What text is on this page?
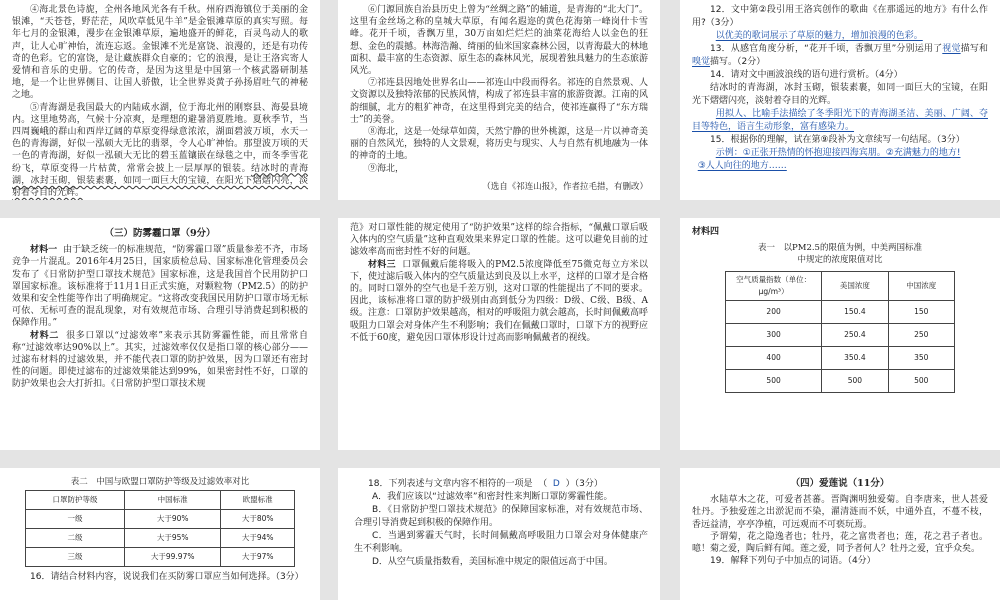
④海北景色诗旎，全州各地风光各有千秋。州府西海镇位于美丽的金银滩，“天苍苍，野茫茫，风吹草低见牛羊”是金银滩草原的真实写照。每年七月的金银滩，漫步在金银滩草原，遍地盛开的鲜花，百灵鸟动人的歌声，让人心旷神怡，流连忘返。金银滩不光是富饶、浪漫的，还是有功传奇的色彩。它的富饶，是让藏族群众自豪的；它的浪漫，是让王洛宾寄人爱情和音乐的史册。它的传奇，是因为这里是中国第一个核武器研制基地，是一个让世界侧目、让国人骄傲，让全世界炎黄子孙扬眉吐气的神秘之地。

⑤青海湖是我国最大的内陆咸水湖，位于海北州的刚察县、海晏县境内。这里地势高，气候十分凉爽，是理想的避暑消夏胜地。夏秋季节，当四周巍峨的群山和西岸辽阔的草原变得绿意浓浓，湖面碧波万顷，水天一色的青海湖，好似一泓硕大无比的翡翠，令人心旷神怡。那望波万顷的天一色的青海湖，好似一泓硕大无比的碧玉蓝镶嵌在绿毯之中，而冬季雪花纷飞，草原变得一片枯黄，常常会披上一层厚厚的银装。结冰时的青海湖，冰封玉砌，银装素裹，如同一面巨大的宝镜，在阳光下熠熠闪亮，淡射着夺目的光辉。

⑥门源回族自治县历史上曾为“丝绸之路”的辅道，是青海的“北大门”。这里有金丝场之称的皇城大草原，有闻名遐迩的黄色花海第一峰岗什卡雪峰。花开千顷，香飘万里，30万亩如烂烂烂的油菜花海给人以金色的狂想、金色的震撼。林海浩瀚、绮丽的仙米国家森林公园，以青海最大的林地面积、最丰富的生态资源、原生态的森林风光，展现着独具魅力的生态旅游风光。

⑦祁连县因地处世界名山——祁连山中段而得名。祁连的自然景观、人文资源以及独特浓郁的民族风情，构成了祁连县丰富的旅游资源。江南的风韵细腻，北方的粗犷神奇，在这里得到完美的结合，使祁连赢得了“东方瑞士”的美誉。

⑧海北，这是一处绿草如茵，天然宁静的世外桃源，这是一片以神奇美丽的自然风光，独特的人文景观，将历史与现实、人与自然有机地融为一体的神奇的土地。

⑨海北，

（选自《祁连山报》，作者拉毛措，有删改）

12．文中第②段引用王洛宾创作的歌曲《在那遥远的地方》有什么作用?（3分）

以优美的歌词展示了草原的魅力，增加浪漫的色彩。

13．从感官角度分析，“花开千顷，香飘万里”分别运用了视觉描写和嗅觉描写。（2分）

14．请对文中画波浪线的语句进行赏析。（4分）

结冰时的青海湖，冰封玉砌，银装素裹，如同一面巨大的宝镜，在阳光下熠熠闪亮，淡射着夺目的光辉。

用拟人、比喻手法描绘了冬季阳光下的青海湖圣洁、美丽、广阔、夺目等特色，语言生动形象，富有感染力。

15．根据你的理解，试在第⑨段补为文章续写一句结尾。（3分）

示例：①正张开热情的怀抱迎接四海宾朋。②充满魅力的地方!
③人人向往的地方……

（三）防雾霾口罩（9分）

材料一 由于缺乏统一的标准规范，“防雾霾口罩”质量参差不齐，市场竞争一片混乱。2016年4月25日，国家质检总局、国家标准化管理委员会发布了《日常防护型口罩技术规范》国家标准，这是我国首个民用防护口罩国家标准。该标准将于11月1日正式实施，对颗粒物（PM2.5）的防护效果和安全性能等作出了明确规定。“这将改变我国民用防护口罩市场无标可依、无标可查的混乱现象，对有效规范市场、合理引导消费起到积极的保障作用。”

材料二 很多口罩以“过滤效率”来表示其防雾霾性能，而且常常自称“过滤效率达90%以上”。其实，过滤效率仅仅是指口罩的核心部分——过滤布材料的过滤效果，并不能代表口罩的防护效果，因为口罩还有密封性的问题。即使过滤布的过滤效果能达到99%，如果密封性不好，口罩的防护效果也会大打折扣。《日常防护型口罩技术规

范》对口罩性能的规定使用了“防护效果”这样的综合指标，“佩戴口罩后吸入体内的空气质量”这种直观效果来界定口罩的性能。这可以避免目前的过滤效率高而密封性不好的问题。

材料三 口罩佩戴后能将吸入的PM2.5浓度降低至75微克每立方米以下，使过滤后吸入体内的空气质量达到良及以上水平，这样的口罩才是合格的。同时口罩外的空气也是千差万别，这对口罩的性能提出了不同的要求。因此，该标准将口罩的防护级别由高到低分为四级：D级、C级、B级、A级。注意：口罩防护效果越高，相对的呼吸阻力就会越高，长时间佩戴高呼吸阻力口罩会对身体产生不利影响；我们在佩戴口罩时，口罩下方的视野应不低于60度，避免因口罩体形设计过高而影响佩戴者的视线。

材料四
表一　以PM2.5的限值为例，中美两国标准
中规定的浓度限值对比
空气质量指数（单位：μg/m³）	美国浓度	中国浓度
200	150.4	150
300	250.4	250
400	350.4	350
500	500	500
表二　中国与欧盟口罩防护等级及过滤效率对比
口罩防护等级	中国标准	欧盟标准
一级	大于90%	大于80%
二级	大于95%	大于94%
三级	大于99.97%	大于97%

16．请结合材料内容，说说我们在买防雾口罩应当如何选择。（3分）

18．下列表述与文章内容不相符的一项是  （  D  ）（3分）

A．我们应该以“过滤效率”和密封性来判断口罩防雾霾性能。

B．《日常防护型口罩技术规范》的保障国家标准，对有效规范市场、合理引导消费起到积极的保障作用。

C．当遇到雾霾天气时，长时间佩戴高呼吸阻力口罩会对身体健康产生不利影响。

D．从空气质量指数看，美国标准中规定的限值远高于中国。

（四）爱莲说（11分）

水陆草木之花，可爱者甚蕃。晋陶渊明独爱菊。自李唐来，世人甚爱牡丹。予独爱莲之出淤泥而不染，濯清涟而不妖，中通外直，不蔓不枝，香远益清，亭亭净植，可远观而不可亵玩焉。

予谓菊，花之隐逸者也；牡丹，花之富贵者也；莲，花之君子者也。噫！菊之爱，陶后鲜有闻。莲之爱，同予者何人？牡丹之爱，宜乎众矣。

19．解释下列句子中加点的词语。（4分）
